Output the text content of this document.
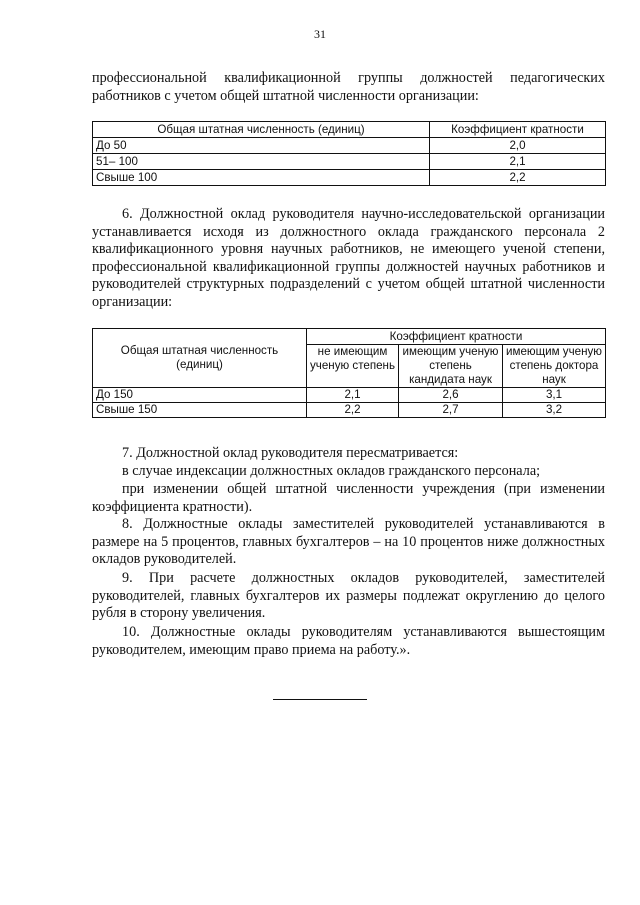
31

профессиональной квалификационной группы должностей педагогических работников с учетом общей штатной численности организации:

Общая штатная численность (единиц)	Коэффициент кратности
До 50	2,0
51– 100	2,1
Свыше 100	2,2

6. Должностной оклад руководителя научно-исследовательской организации устанавливается исходя из должностного оклада гражданского персонала 2 квалификационного уровня научных работников, не имеющего ученой степени, профессиональной квалификационной группы должностей научных работников и руководителей структурных подразделений с учетом общей штатной численности организации:

Общая штатная численность (единиц)	Коэффициент кратности		
	не имеющим ученую степень	имеющим ученую степень кандидата наук	имеющим ученую степень доктора наук
До 150	2,1	2,6	3,1
Свыше 150	2,2	2,7	3,2

7. Должностной оклад руководителя пересматривается:

в случае индексации должностных окладов гражданского персонала;

при изменении общей штатной численности учреждения (при изменении коэффициента кратности).

8. Должностные оклады заместителей руководителей устанавливаются в размере на 5 процентов, главных бухгалтеров – на 10 процентов ниже должностных окладов руководителей.

9. При расчете должностных окладов руководителей, заместителей руководителей, главных бухгалтеров их размеры подлежат округлению до целого рубля в сторону увеличения.

10. Должностные оклады руководителям устанавливаются вышестоящим руководителем, имеющим право приема на работу.».
